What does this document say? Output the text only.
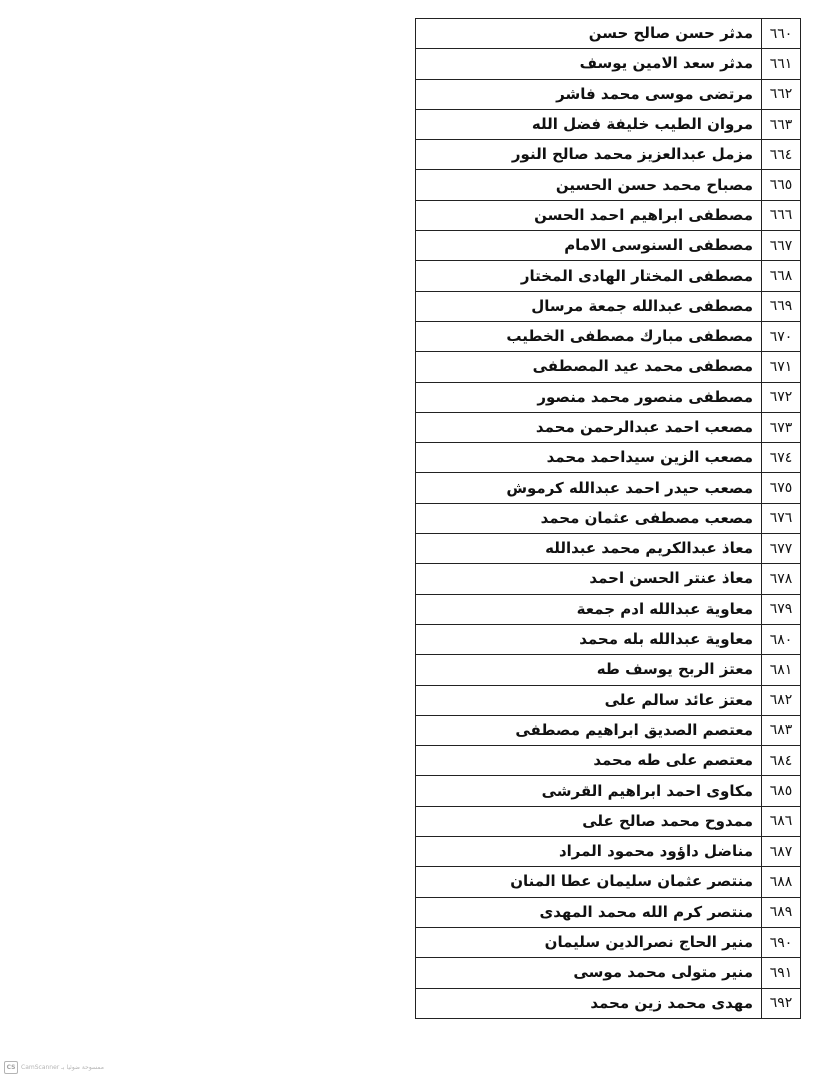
٦٦٠	مدثر حسن صالح حسن
٦٦١	مدثر سعد الامين يوسف
٦٦٢	مرتضى موسى محمد فاشر
٦٦٣	مروان الطيب خليفة فضل الله
٦٦٤	مزمل عبدالعزيز محمد صالح النور
٦٦٥	مصباح محمد حسن الحسين
٦٦٦	مصطفى ابراهيم احمد الحسن
٦٦٧	مصطفى السنوسى الامام
٦٦٨	مصطفى المختار الهادى المختار
٦٦٩	مصطفى عبدالله جمعة مرسال
٦٧٠	مصطفى مبارك مصطفى الخطيب
٦٧١	مصطفى محمد عيد المصطفى
٦٧٢	مصطفى منصور محمد منصور
٦٧٣	مصعب احمد عبدالرحمن محمد
٦٧٤	مصعب الزين سيداحمد محمد
٦٧٥	مصعب حيدر احمد عبدالله كرموش
٦٧٦	مصعب مصطفى عثمان محمد
٦٧٧	معاذ عبدالكريم محمد عبدالله
٦٧٨	معاذ عنتر الحسن احمد
٦٧٩	معاوية عبدالله ادم جمعة
٦٨٠	معاوية عبدالله بله محمد
٦٨١	معتز الربح يوسف طه
٦٨٢	معتز عائد سالم على
٦٨٣	معتصم الصديق ابراهيم مصطفى
٦٨٤	معتصم على طه محمد
٦٨٥	مكاوى احمد ابراهيم القرشى
٦٨٦	ممدوح محمد صالح على
٦٨٧	مناضل داؤود محمود المراد
٦٨٨	منتصر عثمان سليمان عطا المنان
٦٨٩	منتصر كرم الله محمد المهدى
٦٩٠	منير الحاج نصرالدين سليمان
٦٩١	منير متولى محمد موسى
٦٩٢	مهدى محمد زين محمد
CS CamScanner ممسوحة ضوئيا بـ
